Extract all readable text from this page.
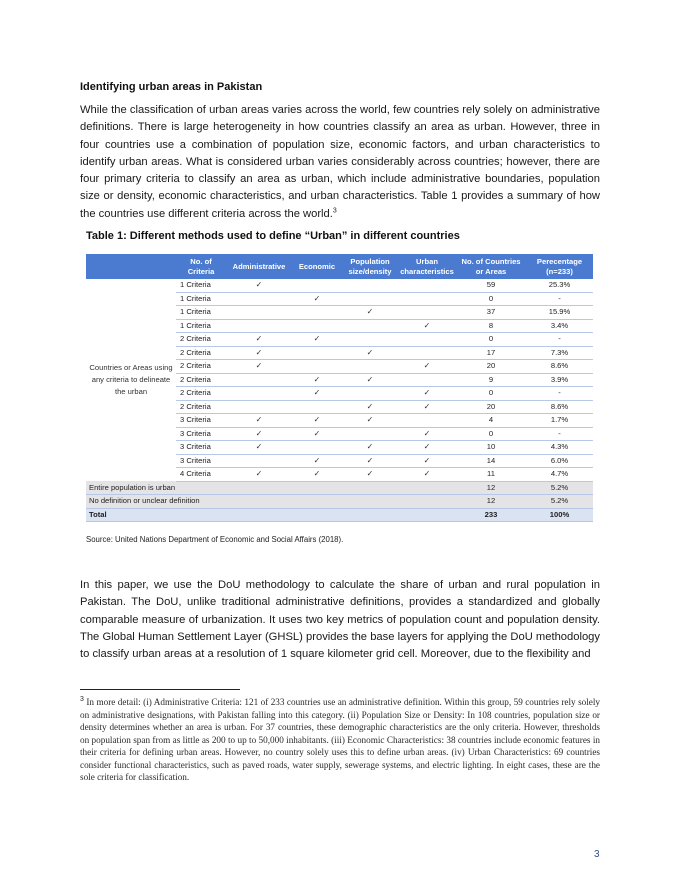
Identifying urban areas in Pakistan
While the classification of urban areas varies across the world, few countries rely solely on administrative definitions. There is large heterogeneity in how countries classify an area as urban. However, three in four countries use a combination of population size, economic factors, and urban characteristics to identify urban areas. What is considered urban varies considerably across countries; however, there are four primary criteria to classify an area as urban, which include administrative boundaries, population size or density, economic characteristics, and urban characteristics. Table 1 provides a summary of how the countries use different criteria across the world.$^3$
Table 1: Different methods used to define “Urban” in different countries
	No. of Criteria	Administrative	Economic	Population size/density	Urban characteristics	No. of Countries or Areas	Perecentage (n=233)
Countries or Areas using any criteria to delineate the urban	1 Criteria	✓				59	25.3%
	1 Criteria		✓			0	-
	1 Criteria			✓		37	15.9%
	1 Criteria				✓	8	3.4%
	2 Criteria	✓	✓			0	-
	2 Criteria	✓		✓		17	7.3%
	2 Criteria	✓			✓	20	8.6%
	2 Criteria		✓	✓		9	3.9%
	2 Criteria		✓		✓	0	-
	2 Criteria			✓	✓	20	8.6%
	3 Criteria	✓	✓	✓		4	1.7%
	3 Criteria	✓	✓		✓	0	-
	3 Criteria	✓		✓	✓	10	4.3%
	3 Criteria		✓	✓	✓	14	6.0%
	4 Criteria	✓	✓	✓	✓	11	4.7%
Entire population is urban						12	5.2%
No definition or unclear definition						12	5.2%
Total						233	100%
Source: United Nations Department of Economic and Social Affairs (2018).
In this paper, we use the DoU methodology to calculate the share of urban and rural population in Pakistan. The DoU, unlike traditional administrative definitions, provides a standardized and globally comparable measure of urbanization. It uses two key metrics of population count and population density. The Global Human Settlement Layer (GHSL) provides the base layers for applying the DoU methodology to classify urban areas at a resolution of 1 square kilometer grid cell. Moreover, due to the flexibility and
$^3$ In more detail: (i) Administrative Criteria: 121 of 233 countries use an administrative definition. Within this group, 59 countries rely solely on administrative designations, with Pakistan falling into this category. (ii) Population Size or Density: In 108 countries, population size or density determines whether an area is urban. For 37 countries, these demographic characteristics are the only criteria. However, thresholds on population span from as little as 200 to up to 50,000 inhabitants. (iii) Economic Characteristics: 38 countries include economic features in their criteria for defining urban areas. However, no country solely uses this to define urban areas. (iv) Urban Characteristics: 69 countries consider functional characteristics, such as paved roads, water supply, sewerage systems, and electric lighting. In eight cases, these are the sole criteria for classification.
3
